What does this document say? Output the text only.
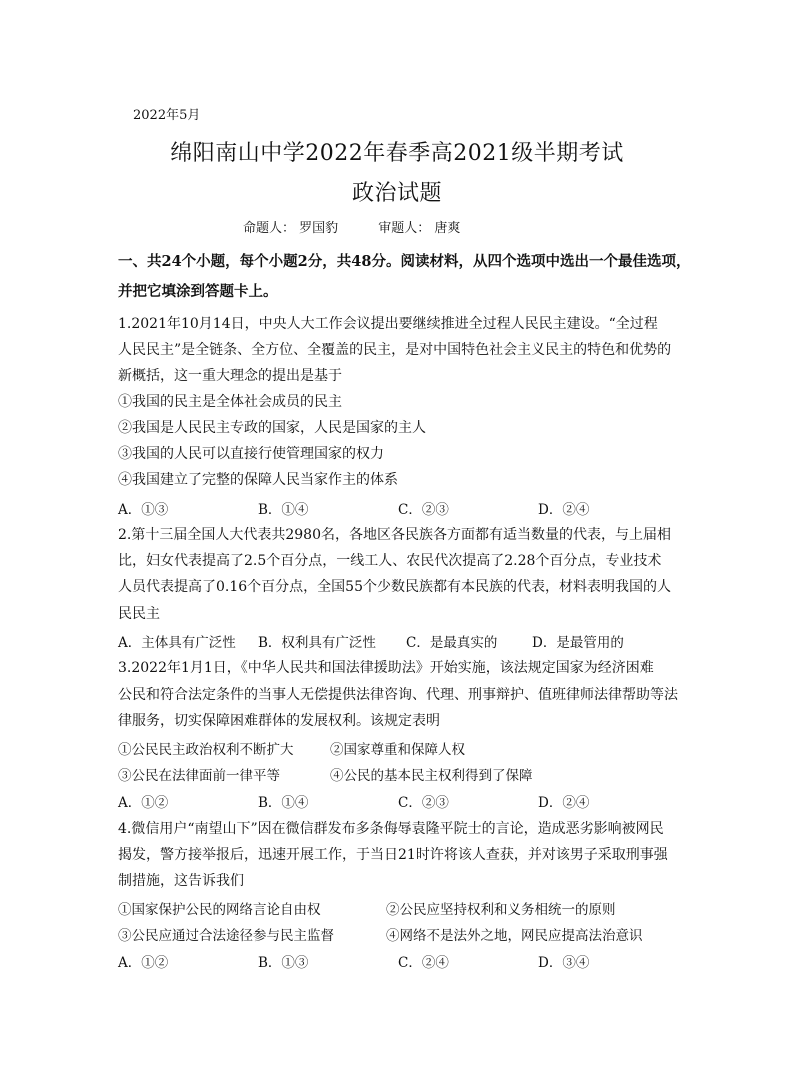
2022年5月
绵阳南山中学2022年春季高2021级半期考试
政治试题
命题人： 罗国豹	审题人： 唐爽
一、共24个小题，每个小题2分，共48分。阅读材料，从四个选项中选出一个最佳选项，
并把它填涂到答题卡上。
1.2021年10月14日，中央人大工作会议提出要继续推进全过程人民民主建设。“全过程
人民民主”是全链条、全方位、全覆盖的民主，是对中国特色社会主义民主的特色和优势的
新概括，这一重大理念的提出是基于
①我国的民主是全体社会成员的民主
②我国是人民民主专政的国家，人民是国家的主人
③我国的人民可以直接行使管理国家的权力
④我国建立了完整的保障人民当家作主的体系
A．①③	B．①④	C．②③	D．②④
2.第十三届全国人大代表共2980名，各地区各民族各方面都有适当数量的代表，与上届相
比，妇女代表提高了2.5个百分点，一线工人、农民代次提高了2.28个百分点，专业技术
人员代表提高了0.16个百分点，全国55个少数民族都有本民族的代表，材料表明我国的人
民民主
A．主体具有广泛性	B．权利具有广泛性	C．是最真实的	D．是最管用的
3.2022年1月1日，《中华人民共和国法律援助法》开始实施，该法规定国家为经济困难
公民和符合法定条件的当事人无偿提供法律咨询、代理、刑事辩护、值班律师法律帮助等法
律服务，切实保障困难群体的发展权利。该规定表明
①公民民主政治权利不断扩大	②国家尊重和保障人权
③公民在法律面前一律平等	④公民的基本民主权利得到了保障
A．①②	B．①④	C．②③	D．②④
4.微信用户“南望山下”因在微信群发布多条侮辱袁隆平院士的言论，造成恶劣影响被网民
揭发，警方接举报后，迅速开展工作，于当日21时许将该人查获，并对该男子采取刑事强
制措施，这告诉我们
①国家保护公民的网络言论自由权	②公民应坚持权利和义务相统一的原则
③公民应通过合法途径参与民主监督	④网络不是法外之地，网民应提高法治意识
A．①②	B．①③	C．②④	D．③④
